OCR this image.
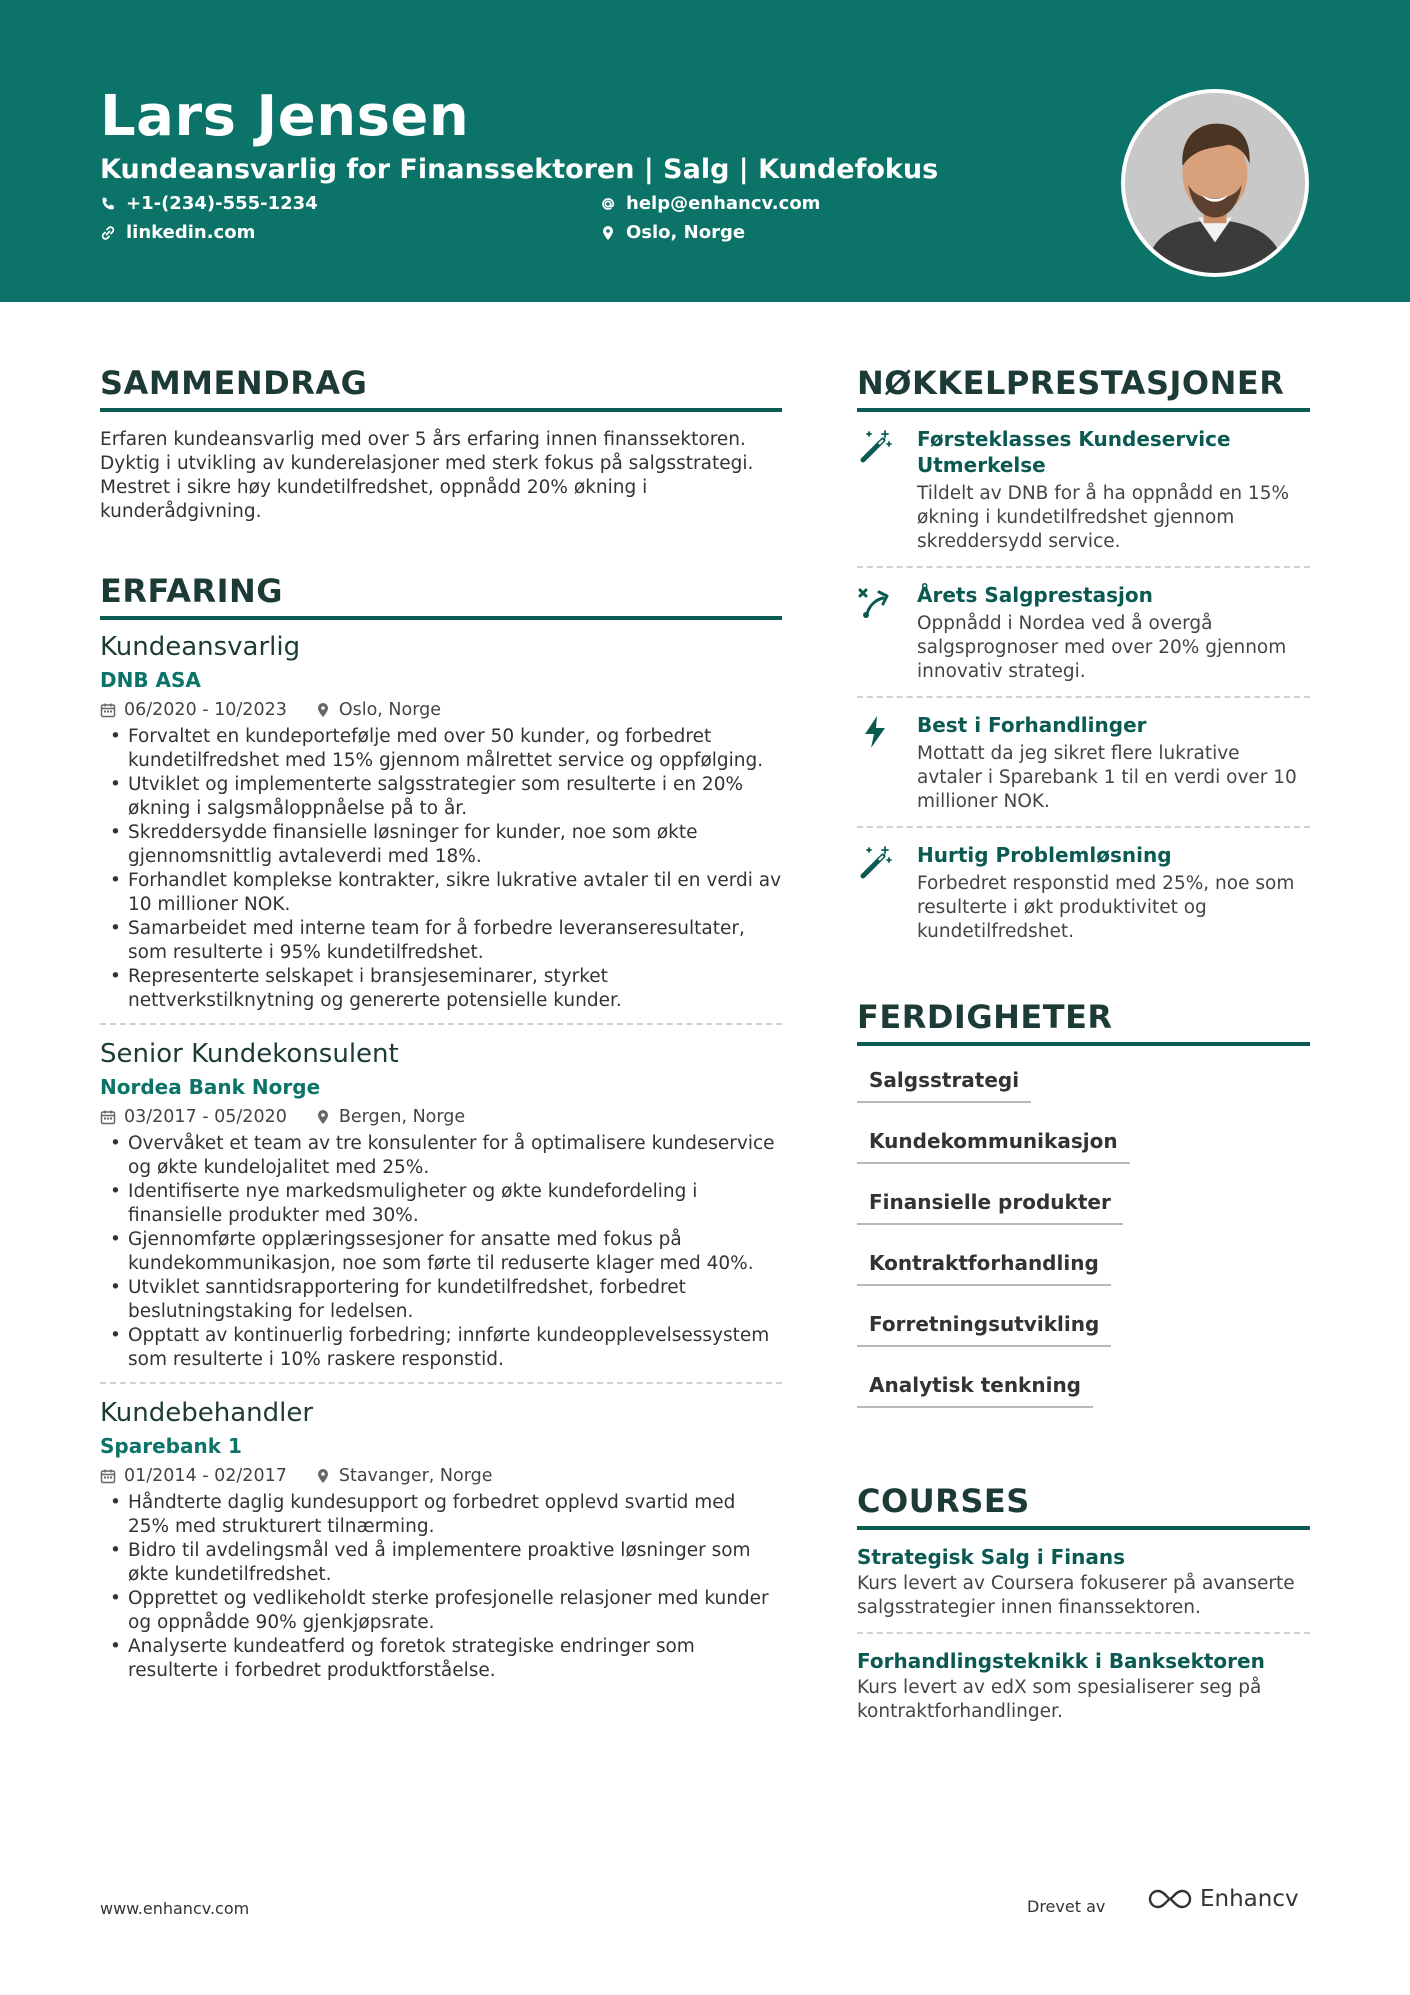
Lars Jensen
Kundeansvarlig for Finanssektoren | Salg | Kundefokus
+1-(234)-555-1234
linkedin.com
help@enhancv.com
Oslo, Norge
SAMMENDRAG

Erfaren kundeansvarlig med over 5 års erfaring innen finanssektoren. Dyktig i utvikling av kunderelasjoner med sterk fokus på salgsstrategi. Mestret i sikre høy kundetilfredshet, oppnådd 20% økning i kunderådgivning.

ERFARING
Kundeansvarlig
DNB ASA
06/2020 - 10/2023	Oslo, Norge
• Forvaltet en kundeportefølje med over 50 kunder, og forbedret kundetilfredshet med 15% gjennom målrettet service og oppfølging.
• Utviklet og implementerte salgsstrategier som resulterte i en 20% økning i salgsmåloppnåelse på to år.
• Skreddersydde finansielle løsninger for kunder, noe som økte gjennomsnittlig avtaleverdi med 18%.
• Forhandlet komplekse kontrakter, sikre lukrative avtaler til en verdi av 10 millioner NOK.
• Samarbeidet med interne team for å forbedre leveranseresultater, som resulterte i 95% kundetilfredshet.
• Representerte selskapet i bransjeseminarer, styrket nettverkstilknytning og genererte potensielle kunder.
Senior Kundekonsulent
Nordea Bank Norge
03/2017 - 05/2020	Bergen, Norge
• Overvåket et team av tre konsulenter for å optimalisere kundeservice og økte kundelojalitet med 25%.
• Identifiserte nye markedsmuligheter og økte kundefordeling i finansielle produkter med 30%.
• Gjennomførte opplæringssesjoner for ansatte med fokus på kundekommunikasjon, noe som førte til reduserte klager med 40%.
• Utviklet sanntidsrapportering for kundetilfredshet, forbedret beslutningstaking for ledelsen.
• Opptatt av kontinuerlig forbedring; innførte kundeopplevelsessystem som resulterte i 10% raskere responstid.
Kundebehandler
Sparebank 1
01/2014 - 02/2017	Stavanger, Norge
• Håndterte daglig kundesupport og forbedret opplevd svartid med 25% med strukturert tilnærming.
• Bidro til avdelingsmål ved å implementere proaktive løsninger som økte kundetilfredshet.
• Opprettet og vedlikeholdt sterke profesjonelle relasjoner med kunder og oppnådde 90% gjenkjøpsrate.
• Analyserte kundeatferd og foretok strategiske endringer som resulterte i forbedret produktforståelse.
NØKKELPRESTASJONER
Førsteklasses Kundeservice Utmerkelse
Tildelt av DNB for å ha oppnådd en 15% økning i kundetilfredshet gjennom skreddersydd service.
Årets Salgprestasjon
Oppnådd i Nordea ved å overgå salgsprognoser med over 20% gjennom innovativ strategi.
Best i Forhandlinger
Mottatt da jeg sikret flere lukrative avtaler i Sparebank 1 til en verdi over 10 millioner NOK.
Hurtig Problemløsning
Forbedret responstid med 25%, noe som resulterte i økt produktivitet og kundetilfredshet.
FERDIGHETER
Salgsstrategi
Kundekommunikasjon
Finansielle produkter
Kontraktforhandling
Forretningsutvikling
Analytisk tenkning
COURSES
Strategisk Salg i Finans
Kurs levert av Coursera fokuserer på avanserte salgsstrategier innen finanssektoren.
Forhandlingsteknikk i Banksektoren
Kurs levert av edX som spesialiserer seg på kontraktforhandlinger.
www.enhancv.com	Drevet av	Enhancv
